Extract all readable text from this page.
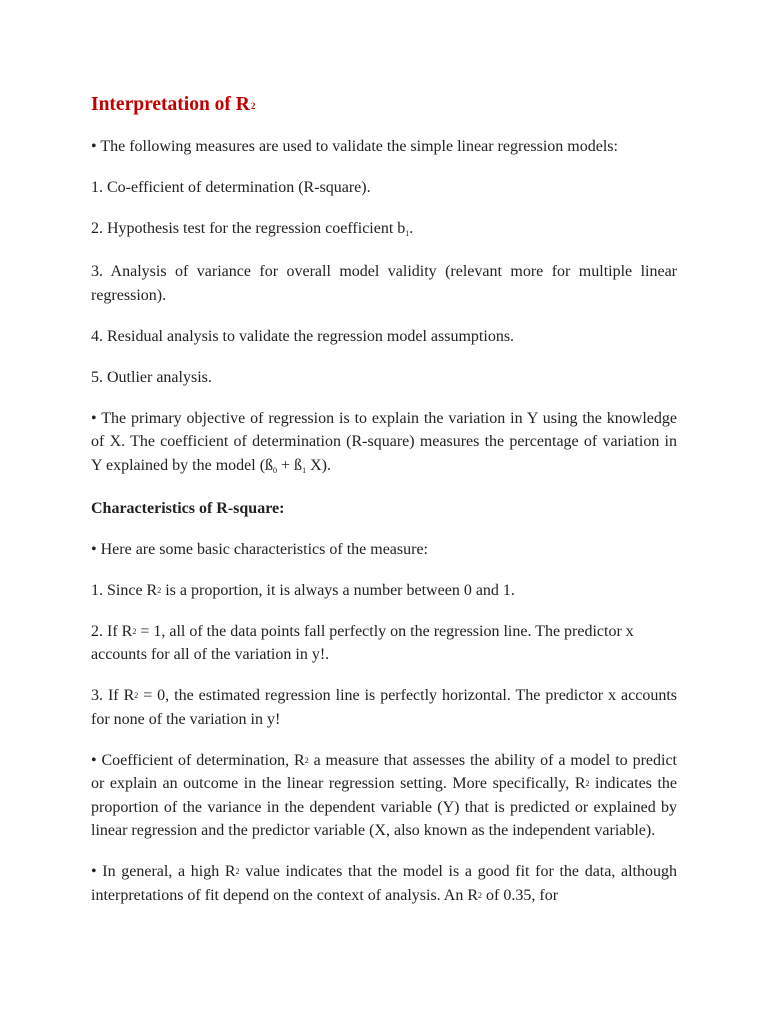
Interpretation of $R^2$

• The following measures are used to validate the simple linear regression models:

1. Co-efficient of determination (R-square).

2. Hypothesis test for the regression coefficient $b_1$.

3. Analysis of variance for overall model validity (relevant more for multiple linear regression).

4. Residual analysis to validate the regression model assumptions.

5. Outlier analysis.

• The primary objective of regression is to explain the variation in Y using the knowledge of X. The coefficient of determination (R-square) measures the percentage of variation in Y explained by the model ($ß_0$ + $ß_1$ X).

Characteristics of R-square:

• Here are some basic characteristics of the measure:

1. Since $R^2$ is a proportion, it is always a number between 0 and 1.

2. If $R^2 = 1$, all of the data points fall perfectly on the regression line. The predictor x accounts for all of the variation in y!.

3. If $R^2 = 0$, the estimated regression line is perfectly horizontal. The predictor x accounts for none of the variation in y!

• Coefficient of determination, $R^2$ a measure that assesses the ability of a model to predict or explain an outcome in the linear regression setting. More specifically, $R^2$ indicates the proportion of the variance in the dependent variable (Y) that is predicted or explained by linear regression and the predictor variable (X, also known as the independent variable).

• In general, a high $R^2$ value indicates that the model is a good fit for the data, although interpretations of fit depend on the context of analysis. An $R^2$ of 0.35, for
